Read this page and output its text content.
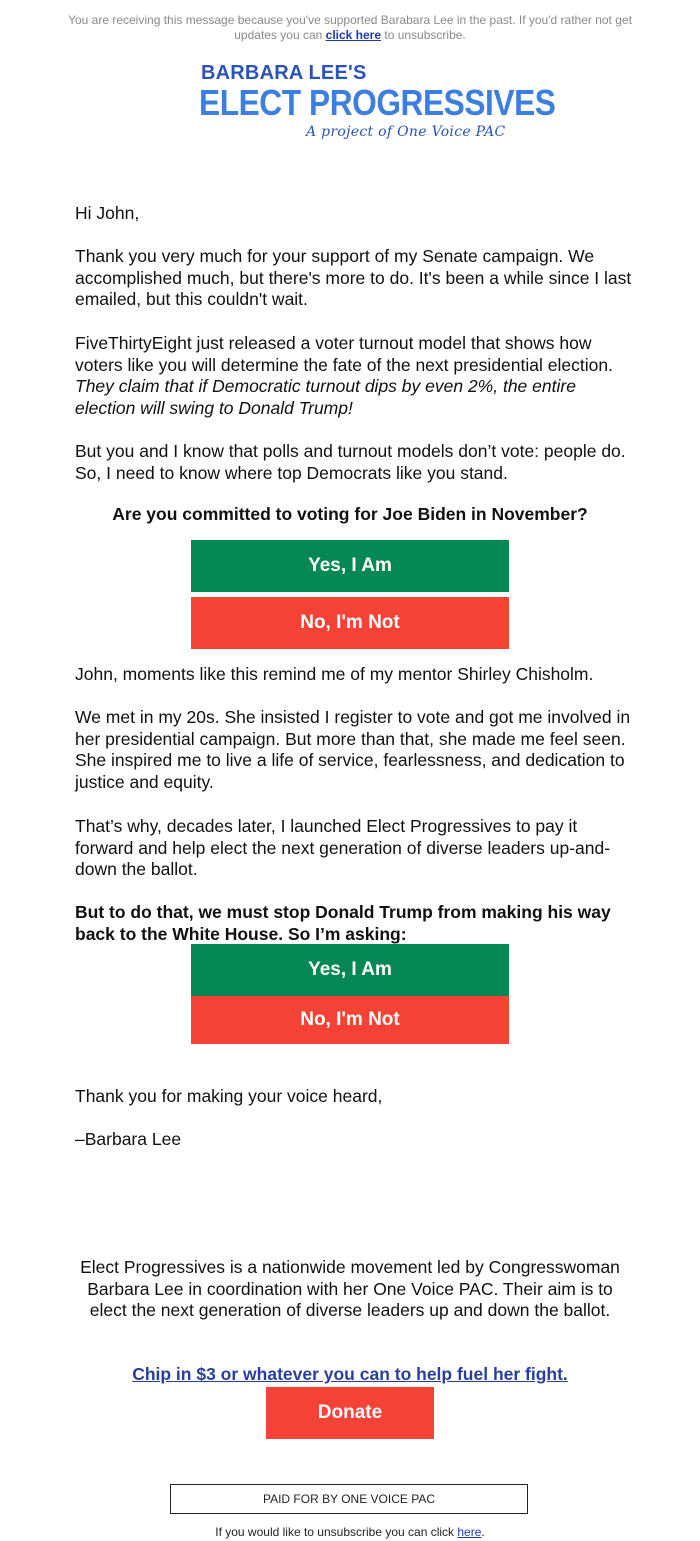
You are receiving this message because you've supported Barabara Lee in the past. If you'd rather not get updates you can click here to unsubscribe.
BARBARA LEE'S
ELECT PROGRESSIVES
A project of One Voice PAC
Hi John,
Thank you very much for your support of my Senate campaign. We accomplished much, but there's more to do. It's been a while since I last emailed, but this couldn't wait.
FiveThirtyEight just released a voter turnout model that shows how voters like you will determine the fate of the next presidential election. They claim that if Democratic turnout dips by even 2%, the entire election will swing to Donald Trump!
But you and I know that polls and turnout models don’t vote: people do. So, I need to know where top Democrats like you stand.
Are you committed to voting for Joe Biden in November?
Yes, I Am
No, I'm Not
John, moments like this remind me of my mentor Shirley Chisholm.
We met in my 20s. She insisted I register to vote and got me involved in her presidential campaign. But more than that, she made me feel seen. She inspired me to live a life of service, fearlessness, and dedication to justice and equity.
That’s why, decades later, I launched Elect Progressives to pay it forward and help elect the next generation of diverse leaders up-and-down the ballot.
But to do that, we must stop Donald Trump from making his way back to the White House. So I’m asking:
Yes, I Am
No, I'm Not
Thank you for making your voice heard,
–Barbara Lee
Elect Progressives is a nationwide movement led by Congresswoman Barbara Lee in coordination with her One Voice PAC. Their aim is to elect the next generation of diverse leaders up and down the ballot.
Chip in $3 or whatever you can to help fuel her fight.
Donate
PAID FOR BY ONE VOICE PAC
If you would like to unsubscribe you can click here.
